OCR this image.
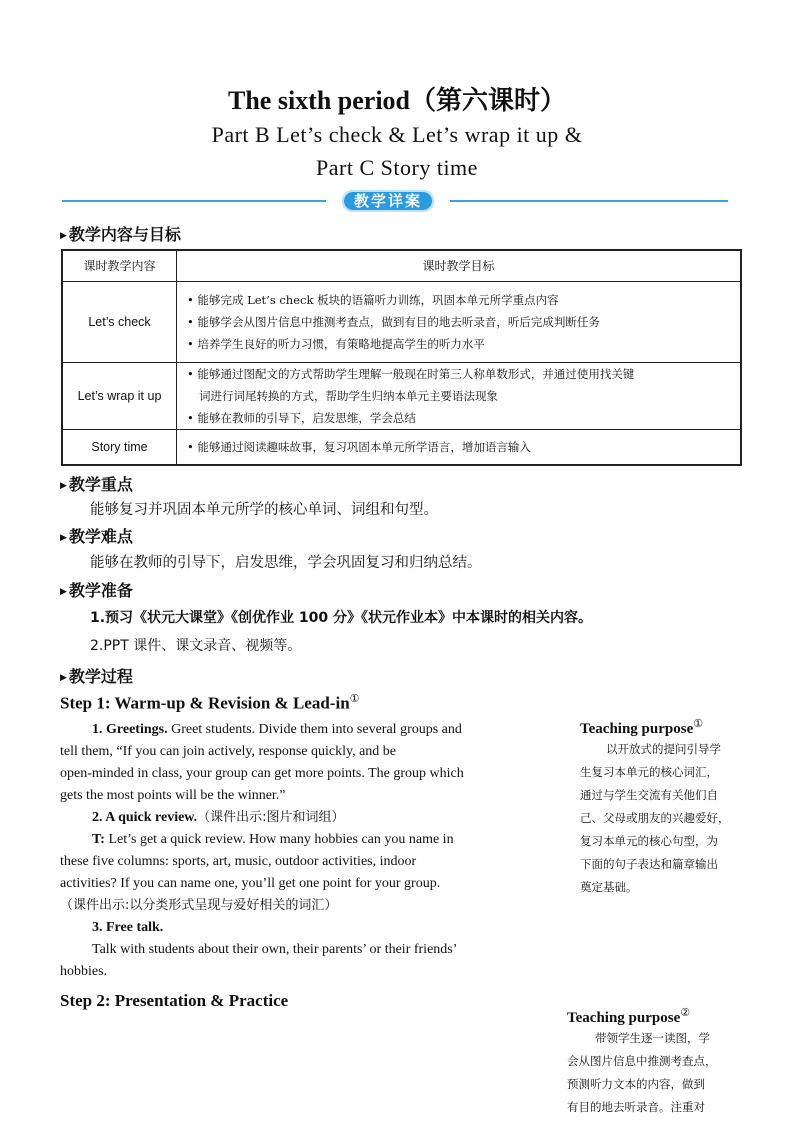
The sixth period（第六课时）
Part B Let’s check & Let’s wrap it up &
Part C Story time
教学详案
▶ 教学内容与目标
课时教学内容	课时教学目标
Let’s check	• 能够完成 Let’s check 板块的语篇听力训练，巩固本单元所学重点内容
• 能够学会从图片信息中推测考查点，做到有目的地去听录音，听后完成判断任务
• 培养学生良好的听力习惯，有策略地提高学生的听力水平

Let’s wrap it up	• 能够通过图配文的方式帮助学生理解一般现在时第三人称单数形式，并通过使用找关键
词进行词尾转换的方式，帮助学生归纳本单元主要语法现象
• 能够在教师的引导下，启发思维，学会总结

Story time	• 能够通过阅读趣味故事，复习巩固本单元所学语言，增加语言输入
▶ 教学重点
能够复习并巩固本单元所学的核心单词、词组和句型。
▶ 教学难点
能够在教师的引导下，启发思维，学会巩固复习和归纳总结。
▶ 教学准备
1.预习《状元大课堂》《创优作业 100 分》《状元作业本》中本课时的相关内容。
2.PPT 课件、课文录音、视频等。
▶ 教学过程
Step 1: Warm-up & Revision & Lead-in①
1. Greetings. Greet students. Divide them into several groups and
tell them, “If you can join actively, response quickly, and be
open-minded in class, your group can get more points. The group which
gets the most points will be the winner.”
2. A quick review.（课件出示:图片和词组）
T: Let’s get a quick review. How many hobbies can you name in
these five columns: sports, art, music, outdoor activities, indoor
activities? If you can name one, you’ll get one point for your group.
（课件出示:以分类形式呈现与爱好相关的词汇）
3. Free talk.
Talk with students about their own, their parents’ or their friends’
hobbies.
Step 2: Presentation & Practice
Teaching purpose①
以开放式的提问引导学
生复习本单元的核心词汇，
通过与学生交流有关他们自
己、父母或朋友的兴趣爱好，
复习本单元的核心句型，为
下面的句子表达和篇章输出
奠定基础。
Teaching purpose②
带领学生逐一读图，学
会从图片信息中推测考查点，
预测听力文本的内容，做到
有目的地去听录音。注重对
